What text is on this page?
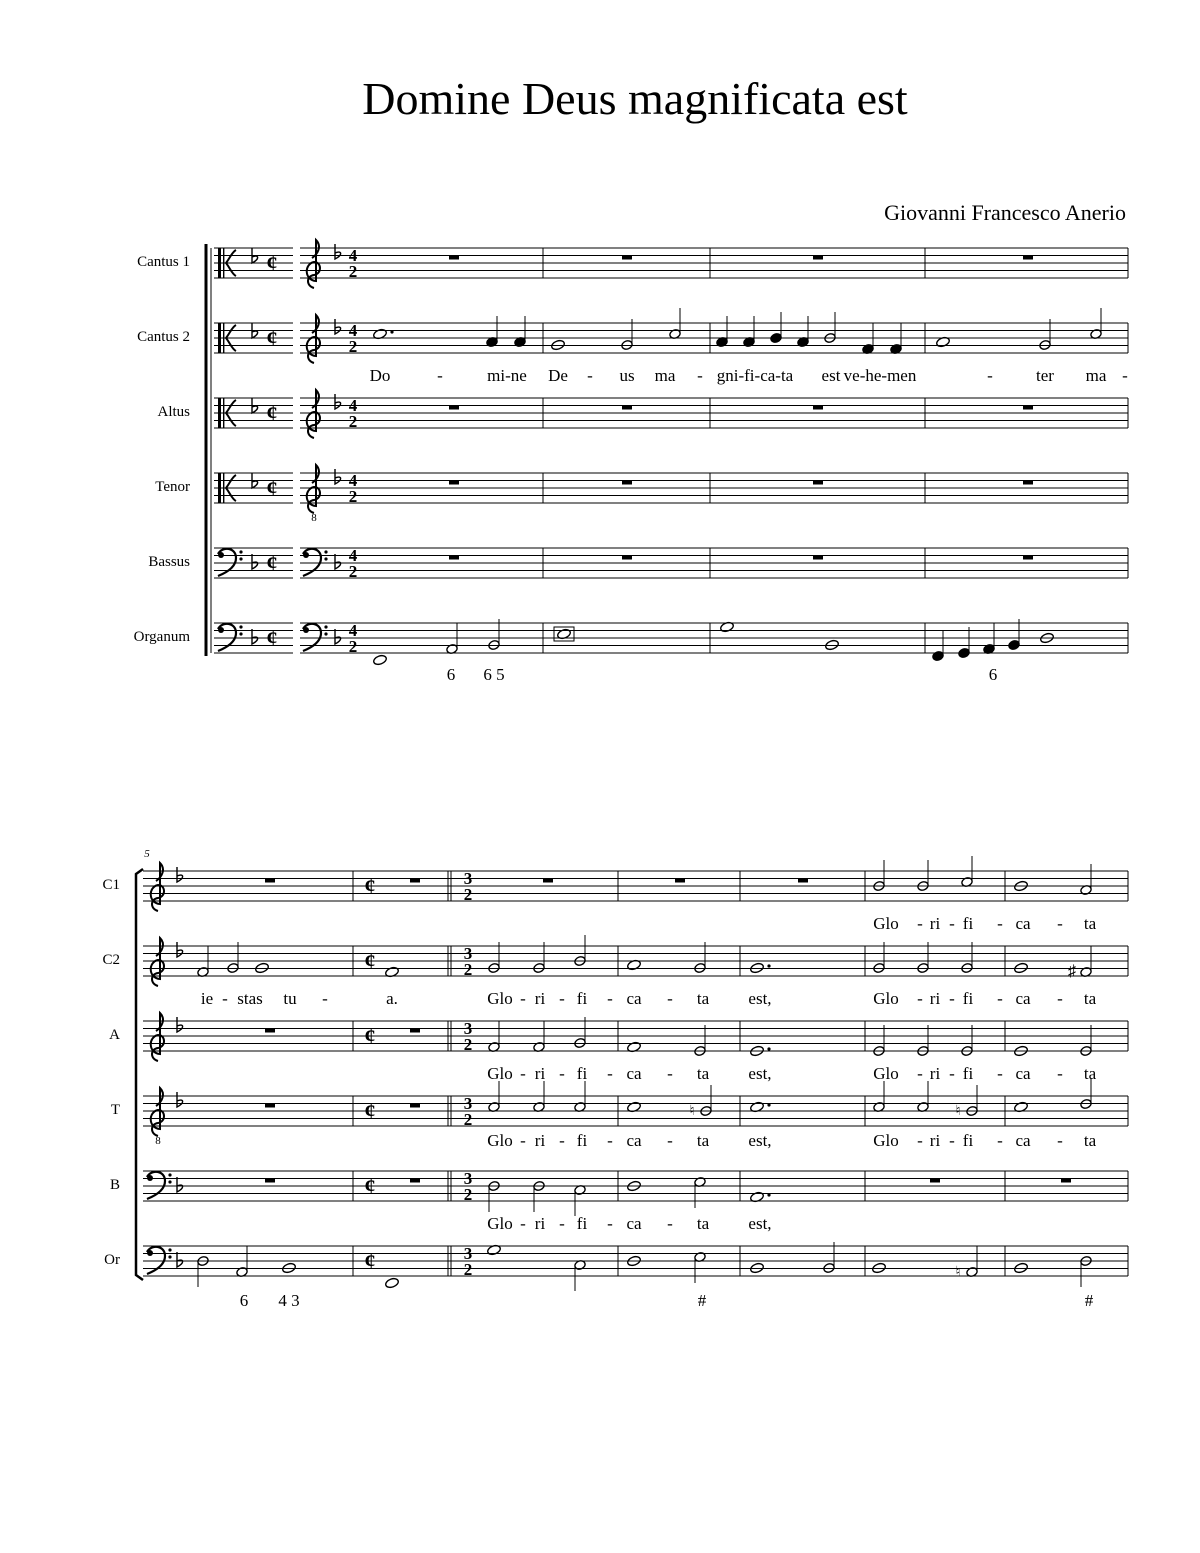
Domine Deus magnificata est
Giovanni Francesco Anerio
Cantus 1
Cantus 2
Altus
Tenor
Bassus
Organum
C1
C2
A
T
B
Or
¢	4
2
¢	4
2
¢	4
2
¢
8
4
2
¢	4
2
¢	4
2
¢	3
2
¢	3
2
¢	3
2
8
¢	3
2
¢	3
2
¢	3
2
♯
♮	♮
♮
Do	-	mi-ne De - us ma - gni-fi-ca-ta est ve-he-men	-	ter ma -
6 6 5	6
5
Glo - ri - fi - ca - ta
ie - stas tu -	a.	Glo - ri - fi - ca - ta est,	Glo - ri - fi - ca - ta
Glo - ri - fi - ca - ta est,	Glo - ri - fi - ca - ta
Glo - ri - fi - ca - ta est,	Glo - ri - fi - ca - ta
Glo - ri - fi - ca - ta est,
6 4 3	#	#
